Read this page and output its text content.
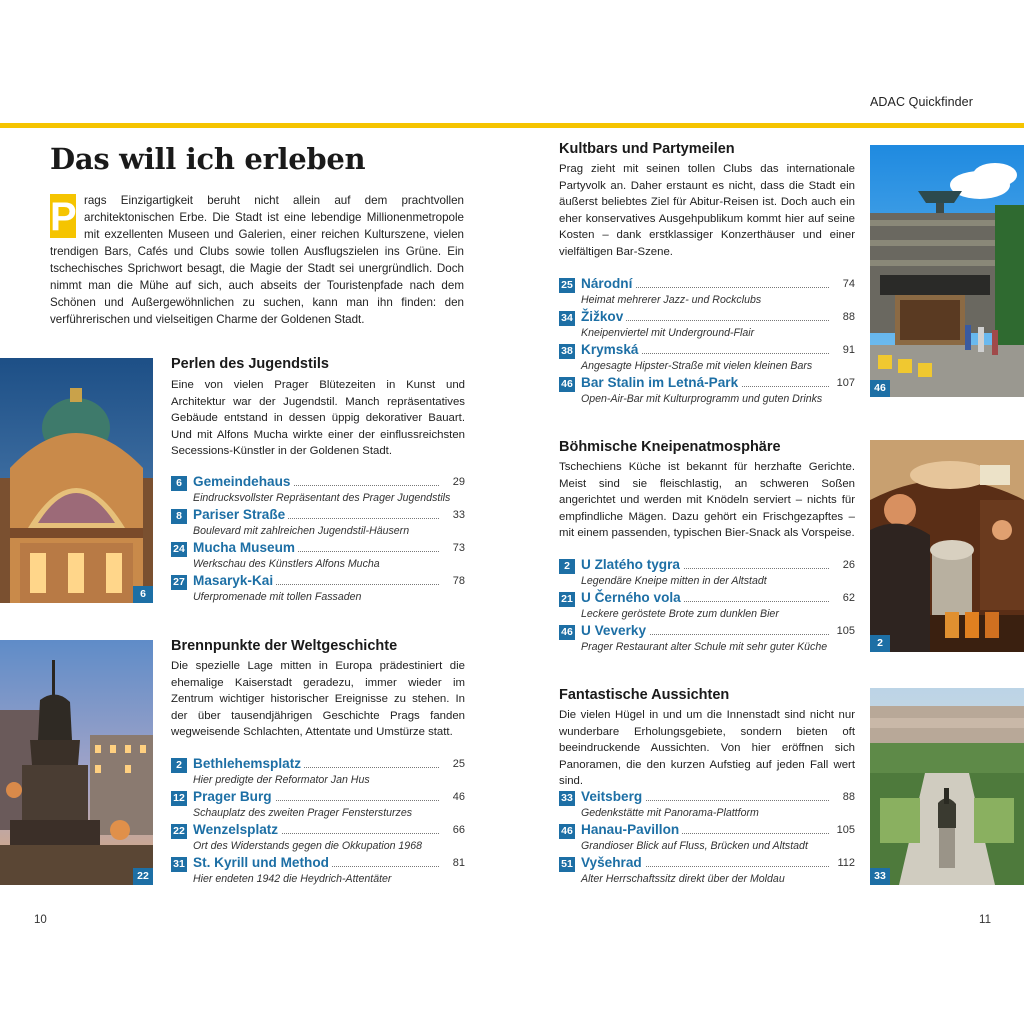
ADAC Quickfinder
Das will ich erleben
P rags Einzigartigkeit beruht nicht allein auf dem prachtvollen architektonischen Erbe. Die Stadt ist eine lebendige Millionenmetropole mit exzellenten Museen und Galerien, einer reichen Kulturszene, vielen trendigen Bars, Cafés und Clubs sowie tollen Ausflugszielen ins Grüne. Ein tschechisches Sprichwort besagt, die Magie der Stadt sei unergründlich. Doch nimmt man die Mühe auf sich, auch abseits der Touristenpfade nach dem Schönen und Außergewöhnlichen zu suchen, kann man ihn finden: den verführerischen und vielseitigen Charme der Goldenen Stadt.
6
Perlen des Jugendstils
Eine von vielen Prager Blütezeiten in Kunst und Architektur war der Jugendstil. Manch repräsentatives Gebäude entstand in dessen üppig dekorativer Bauart. Und mit Alfons Mucha wirkte einer der einflussreichsten Secessions-Künstler in der Goldenen Stadt.
6 Gemeindehaus	29
Eindrucksvollster Repräsentant des Prager Jugendstils
8 Pariser Straße	33
Boulevard mit zahlreichen Jugendstil-Häusern
24 Mucha Museum	73
Werkschau des Künstlers Alfons Mucha
27 Masaryk-Kai	78
Uferpromenade mit tollen Fassaden
22
Brennpunkte der Weltgeschichte
Die spezielle Lage mitten in Europa prädestiniert die ehemalige Kaiserstadt geradezu, immer wieder im Zentrum wichtiger historischer Ereignisse zu stehen. In der über tausendjährigen Geschichte Prags fanden wegweisende Schlachten, Attentate und Umstürze statt.
2 Bethlehemsplatz	25
Hier predigte der Reformator Jan Hus
12 Prager Burg	46
Schauplatz des zweiten Prager Fenstersturzes
22 Wenzelsplatz	66
Ort des Widerstands gegen die Okkupation 1968
31 St. Kyrill und Method	81
Hier endeten 1942 die Heydrich-Attentäter
Kultbars und Partymeilen
Prag zieht mit seinen tollen Clubs das internationale Partyvolk an. Daher erstaunt es nicht, dass die Stadt ein äußerst beliebtes Ziel für Abitur-Reisen ist. Doch auch ein eher konservatives Ausgehpublikum kommt hier auf seine Kosten – dank erstklassiger Konzerthäuser und einer vielfältigen Bar-Szene.
25 Národní	74
Heimat mehrerer Jazz- und Rockclubs
34 Žižkov	88
Kneipenviertel mit Underground-Flair
38 Krymská	91
Angesagte Hipster-Straße mit vielen kleinen Bars
46 Bar Stalin im Letná-Park	107
Open-Air-Bar mit Kulturprogramm und guten Drinks
46
Böhmische Kneipenatmosphäre
Tschechiens Küche ist bekannt für herzhafte Gerichte. Meist sind sie fleischlastig, an schweren Soßen angerichtet und werden mit Knödeln serviert – nichts für empfindliche Mägen. Dazu gehört ein Frischgezapftes – mit einem passenden, typischen Bier-Snack als Vorspeise.
2 U Zlatého tygra	26
Legendäre Kneipe mitten in der Altstadt
21 U Černého vola	62
Leckere geröstete Brote zum dunklen Bier
46 U Veverky	105
Prager Restaurant alter Schule mit sehr guter Küche	2
Fantastische Aussichten
Die vielen Hügel in und um die Innenstadt sind nicht nur wunderbare Erholungsgebiete, sondern bieten oft beeindruckende Aussichten. Von hier eröffnen sich Panoramen, die den kurzen Aufstieg auf jeden Fall wert sind.
33 Veitsberg	88
Gedenkstätte mit Panorama-Plattform
46 Hanau-Pavillon	105
Grandioser Blick auf Fluss, Brücken und Altstadt
51 Vyšehrad	112
Alter Herrschaftssitz direkt über der Moldau	33
10	11
